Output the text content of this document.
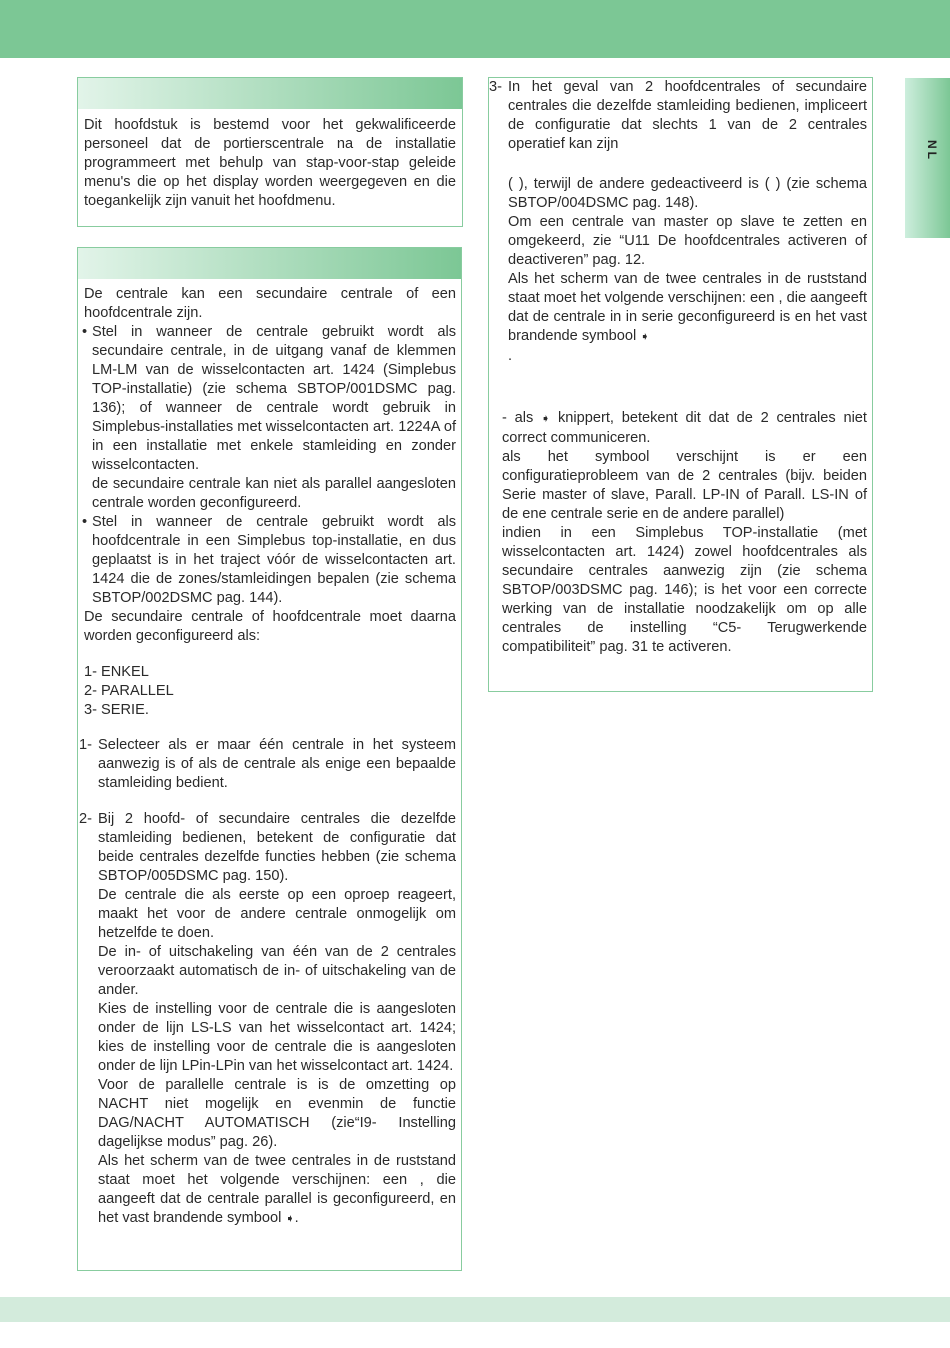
NL

Dit hoofdstuk is bestemd voor het gekwalificeerde personeel dat de portierscentrale na de installatie programmeert met behulp van stap-voor-stap geleide menu's die op het display worden weergegeven en die toegankelijk zijn vanuit het hoofdmenu.

De centrale kan een secundaire centrale of een hoofdcentrale zijn.

• Stel in wanneer de centrale gebruikt wordt als secundaire centrale, in de uitgang vanaf de klemmen LM-LM van de wisselcontacten art. 1424 (Simplebus TOP-installatie) (zie schema SBTOP/001DSMC pag. 136); of wanneer de centrale wordt gebruik in Simplebus-installaties met wisselcontacten art. 1224A of in een installatie met enkele stamleiding en zonder wisselcontacten.

de secundaire centrale kan niet als parallel aangesloten centrale worden geconfigureerd.

• Stel in wanneer de centrale gebruikt wordt als hoofdcentrale in een Simplebus top-installatie, en dus geplaatst is in het traject vóór de wisselcontacten art. 1424 die de zones/stamleidingen bepalen (zie schema SBTOP/002DSMC pag. 144).

De secundaire centrale of hoofdcentrale moet daarna worden geconfigureerd als:

1- ENKEL

2- PARALLEL

3- SERIE.

1- Selecteer als er maar één centrale in het systeem aanwezig is of als de centrale als enige een bepaalde stamleiding bedient.

2- Bij 2 hoofd- of secundaire centrales die dezelfde stamleiding bedienen, betekent de configuratie dat beide centrales dezelfde functies hebben (zie schema SBTOP/005DSMC pag. 150).

De centrale die als eerste op een oproep reageert, maakt het voor de andere centrale onmogelijk om hetzelfde te doen.

De in- of uitschakeling van één van de 2 centrales veroorzaakt automatisch de in- of uitschakeling van de ander.

Kies de instelling voor de centrale die is aangesloten onder de lijn LS-LS van het wisselcontact art. 1424; kies de instelling voor de centrale die is aangesloten onder de lijn LPin-LPin van het wisselcontact art. 1424.

Voor de parallelle centrale is is de omzetting op NACHT niet mogelijk en evenmin de functie DAG/NACHT AUTOMATISCH (zie“I9- Instelling dagelijkse modus” pag. 26).

Als het scherm van de twee centrales in de ruststand staat moet het volgende verschijnen: een , die aangeeft dat de centrale parallel is geconfigureerd, en het vast brandende symbool ➧.

3- In het geval van 2 hoofdcentrales of secundaire centrales die dezelfde stamleiding bedienen, impliceert de configuratie dat slechts 1 van de 2 centrales operatief kan zijn

( ), terwijl de andere gedeactiveerd is ( ) (zie schema SBTOP/004DSMC pag. 148).

Om een centrale van master op slave te zetten en omgekeerd, zie “U11 De hoofdcentrales activeren of deactiveren” pag. 12.

Als het scherm van de twee centrales in de ruststand staat moet het volgende verschijnen: een , die aangeeft dat de centrale in in serie geconfigureerd is en het vast brandende symbool ➧

.

- als ➧ knippert, betekent dit dat de 2 centrales niet correct communiceren.

als het symbool verschijnt is er een configuratieprobleem van de 2 centrales (bijv. beiden Serie master of slave, Parall. LP-IN of Parall. LS-IN of de ene centrale serie en de andere parallel)

indien in een Simplebus TOP-installatie (met wisselcontacten art. 1424) zowel hoofdcentrales als secundaire centrales aanwezig zijn (zie schema SBTOP/003DSMC pag. 146); is het voor een correcte werking van de installatie noodzakelijk om op alle centrales de instelling “C5- Terugwerkende compatibiliteit” pag. 31 te activeren.
